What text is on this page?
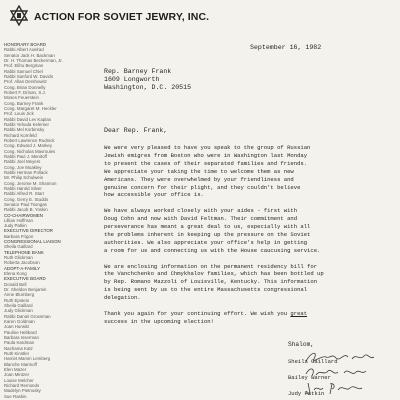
ACTION FOR SOVIET JEWRY, INC.
HONORARY BOARD
Rabbi Albert Axelrad
Senator Jack H. Backman
Dr. H. Thomas Beckerman, Jr.
Prof. Elihu Bergman
Rabbi Samuel Chiel
Rabbi Sanford W. Davids
Prof. Allan Dershowitz
Cong. Brian Donnelly
Robert F. Drinan, S.J.
Moses Feuerstein
Cong. Barney Frank
Cong. Margaret M. Heckler
Prof. Louis Jick
Rabbi David Lev Kaplan
Rabbi Yehuda Kelemer
Rabbi Mel Korbinsky
Richard Kornfeld
Robert Lawrence Rudnick
Cong. Edward J. Markey
Cong. Nicholas Mavroules
Rabbi Paul J. Menitoff
Rabbi Joel Meyers
Cong. Joe Moakley
Rabbi Herman Pollack
Mr. Philip Schulweis
Cong. Jerome M. Shannon
Rabbi Harold Silver
Rabbi Alfred R. Starr
Cong. Gerry E. Studds
Senator Paul Tsongas
Rabbi Jacob B. Yoskin
CO-CHAIRWOMEN
Lillian Hoffman
Judy Patkin
EXECUTIVE DIRECTOR
Barbara Frigon
CONGRESSIONAL LIAISON
Sheila Gaillard
TELEPHONE BANK
Ruth Glickman
Roberta Jacobson
ADOPT-A-FAMILY
Elena Kong
EXECUTIVE BOARD
Donald Bell
Dr. Sheldon Benjamin
Anne Blumberg
Ruth Epstein
Sheila Gaillard
Judy Glickman
Rabbi Daniel Grossman
Karen Goldman
Joan Hurwitz
Pauline Hebbard
Barbara Isserman
Paula Kardman
Nachama Katz
Ruth Kinstler
Harriet Marvin Lemberg
Blanche Marinoff
Elen Mazer
Joan Mintzer
Louise Melcher
Richard Remonds
Madelyn Pietnosky
Sue Raskin
September 16, 1982
Rep. Barney Frank
1609 Longworth
Washington, D.C. 20515
Dear Rep. Frank,
We were very pleased to have you speak to the group of Russian
Jewish emigres from Boston who were in Washington last Monday
to present the cases of their separated families and friends.
We appreciate your taking the time to welcome them as new
Americans. They were overwhelmed by your friendliness and
genuine concern for their plight, and they couldn't believe
how accessible your office is.
We have always worked closely with your aides - first with
Doug Cohn and now with David Feltman. Their commitment and
perseverance has meant a great deal to us, especially with all
the problems inherent in keeping up the pressure on the Soviet
authorities. We also appreciate your office's help in getting
a room for us and connecting us with the House caucusing service.
We are enclosing information on the permanent residency bill for
the Vanchchenko and Chmykhalov families, which has been bottled up
by Rep. Romano Mazzoli of Louisville, Kentucky. This information
is being sent by us to the entire Massachusetts congressional
delegation.
Thank you again for your continuing effort. We wish you great
success in the upcoming election!
Shalom,
Sheila Gaillard
Bailey Warner
Judy Patkin
